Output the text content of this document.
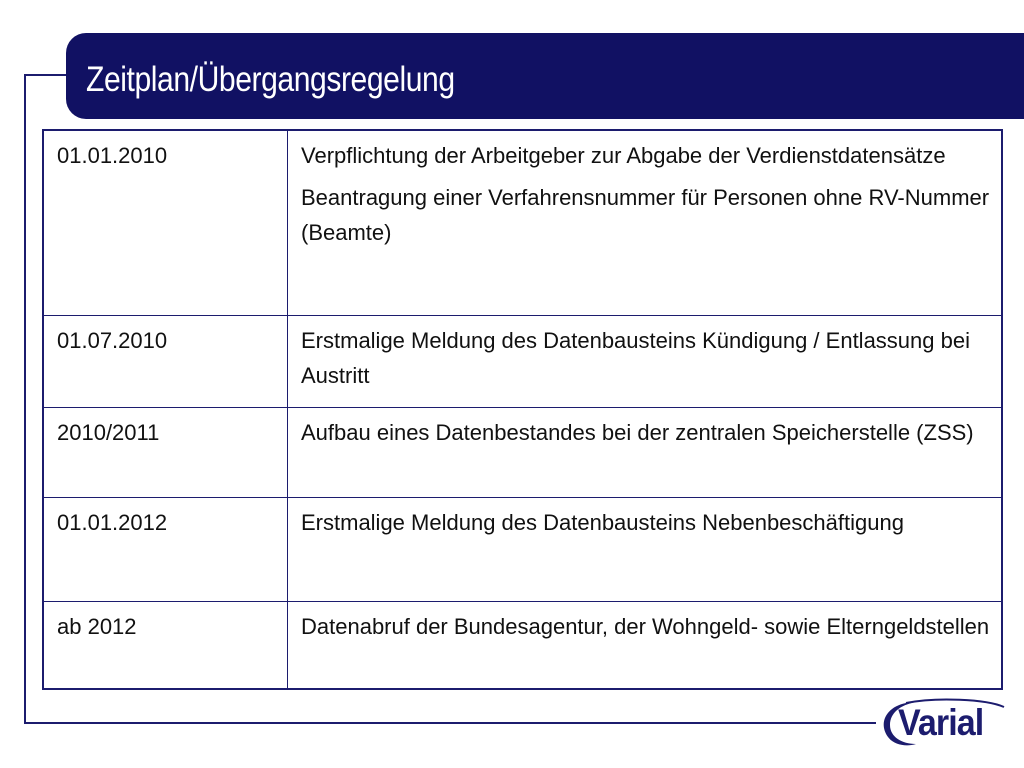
Zeitplan/Übergangsregelung
01.01.2010	Verpflichtung der Arbeitgeber zur Abgabe der Verdienstdatensätze
Beantragung einer Verfahrensnummer für Personen ohne RV-Nummer (Beamte)

01.07.2010	Erstmalige Meldung des Datenbausteins Kündigung / Entlassung bei Austritt

2010/2011	Aufbau eines Datenbestandes bei der zentralen Speicherstelle (ZSS)

01.01.2012	Erstmalige Meldung des Datenbausteins Nebenbeschäftigung

ab 2012	Datenabruf der Bundesagentur, der Wohngeld- sowie Elterngeldstellen
Varial
